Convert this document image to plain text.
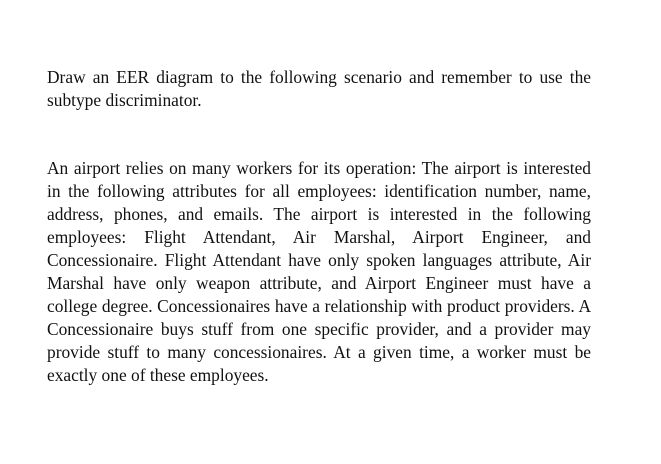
Draw an EER diagram to the following scenario and remember to use the subtype discriminator.

An airport relies on many workers for its operation: The airport is interested in the following attributes for all employees: identification number, name, address, phones, and emails. The airport is interested in the following employees: Flight Attendant, Air Marshal, Airport Engineer, and Concessionaire. Flight Attendant have only spoken languages attribute, Air Marshal have only weapon attribute, and Airport Engineer must have a college degree. Concessionaires have a relationship with product providers. A Concessionaire buys stuff from one specific provider, and a provider may provide stuff to many concessionaires. At a given time, a worker must be exactly one of these employees.
